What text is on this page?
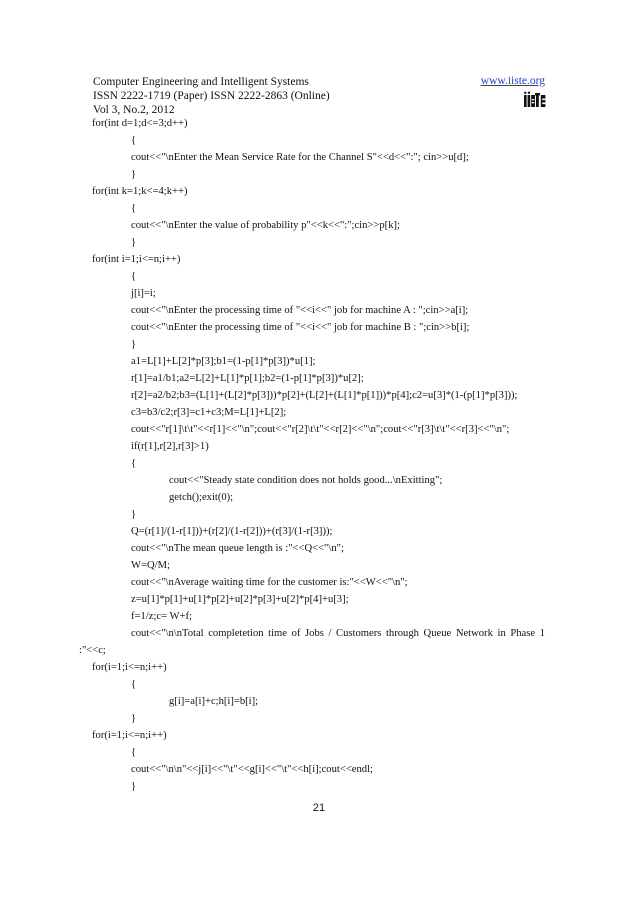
Computer Engineering and Intelligent Systems
ISSN 2222-1719 (Paper) ISSN 2222-2863 (Online)
Vol 3, No.2, 2012
www.iiste.org
for(int d=1;d<=3;d++)
{
cout<<"\nEnter the Mean Service Rate for the Channel S"<<d<<":"; cin>>u[d];
}
for(int k=1;k<=4;k++)
{
cout<<"\nEnter the value of probability p"<<k<<":";cin>>p[k];
}
for(int i=1;i<=n;i++)
{
j[i]=i;
cout<<"\nEnter the processing time of "<<i<<" job for machine A : ";cin>>a[i];
cout<<"\nEnter the processing time of "<<i<<" job for machine B : ";cin>>b[i];
}
a1=L[1]+L[2]*p[3];b1=(1-p[1]*p[3])*u[1];
r[1]=a1/b1;a2=L[2]+L[1]*p[1];b2=(1-p[1]*p[3])*u[2];
r[2]=a2/b2;b3=(L[1]+(L[2]*p[3]))*p[2]+(L[2]+(L[1]*p[1]))*p[4];c2=u[3]*(1-(p[1]*p[3]));
c3=b3/c2;r[3]=c1+c3;M=L[1]+L[2];
cout<<"r[1]\t\t"<<r[1]<<"\n";cout<<"r[2]\t\t"<<r[2]<<"\n";cout<<"r[3]\t\t"<<r[3]<<"\n";
if(r[1],r[2],r[3]>1)
{
cout<<"Steady state condition does not holds good...\nExitting";
getch();exit(0);
}
Q=(r[1]/(1-r[1]))+(r[2]/(1-r[2]))+(r[3]/(1-r[3]));
cout<<"\nThe mean queue length is :"<<Q<<"\n";
W=Q/M;
cout<<"\nAverage waiting time for the customer is:"<<W<<"\n";
z=u[1]*p[1]+u[1]*p[2]+u[2]*p[3]+u[2]*p[4]+u[3];
f=1/z;c= W+f;
cout<<"\n\nTotal completetion time of Jobs / Customers through Queue Network in Phase 1
:"<<c;
for(i=1;i<=n;i++)
{
g[i]=a[i]+c;h[i]=b[i];
}
for(i=1;i<=n;i++)
{
cout<<"\n\n"<<j[i]<<"\t"<<g[i]<<"\t"<<h[i];cout<<endl;
}
21
